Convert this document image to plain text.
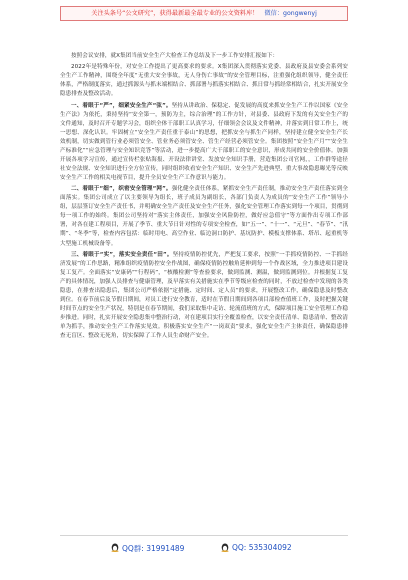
关注头条号“公文研究”，获得最新最全最专业的公文资料库！ 微信：gongwenyj

按照会议安排，就X集团当前安全生产大检查工作总结及下一步工作安排汇报如下：

2022年是特殊年份，对安全工作提出了更高要求的要求。X集团深入贯彻落实党委、县政府及县安委会系列安全生产工作精神，围绕全年度“无重大安全事故，无人身伤亡事故”的安全管理目标，注重强化组织领导，健全责任体系，严格制度落实，通过抓源头与抓末端相结合、抓部署与抓落实相结合、抓日常与抓经常相结合，扎实开展安全隐患排查及整改活动。

一、着眼于“严”，细紧安全生产“弦”。坚持从讲政治、保稳定、促发展的高度来抓安全生产工作以国家《安全生产法》为依托，秉持坚持“安全第一，预防为主，综合治理”的工作方针，对县委、县政府下发的有关安全生产的文件通知，及时召开专题学习会，组织全体干部职工认真学习，仔细领会会议及文件精神，并落实到日常工作上，统一思想、深化认识。牢固树立“安全生产责任重于泰山”的思想，把抓安全与抓生产同样，坚持建立健全安全生产长效机制，切实做到管行业必须管安全、管业务必须管安全、管生产经营必须管安全。集团按照“安全生产月”“安全生产标准化”“应急管理与安全知识竞答”等活动，进一步提高广大干部职工的安全意识，形成共同的安全价值体。加强开展各项学习宣传，通过宣传栏张贴海报、开设法律讲堂、发放安全知识手册，营造集团公司官网，，工作群等途径社安全法规、安全知识进行全方位宣传，同时组织收看安全生产知识、安全生产先进典型、重大事故隐患曝光等反映安全生产工作的相关电视节目，提升全员安全生产工作意识与能力。

二、着眼于“细”，织密安全管理“网”。强化健全责任体系，紧抓安全生产责任制，推动安全生产责任落实到全面落实。集团公司成立了以主要领导为组长，班子成员为副组长，各部门负责人为成员的“安全生产工作”领导小组，层层签订安全生产责任书，并明确安全生产责任及安全生产任务，强化安全管理工作落实到每一个项目，贯彻到每一项工作的始终。集团公司坚持对“落实主体责任，加强安全风险防控，做好应急值守”等方面作出专项工作部署，对各在建工程项目，开展了季节、重大节日针对性的专项安全检查，如“五一”、“十一”、“元旦”、“春节”、“汛期”、“冬季”等，检查内容包括：临时用电、高空作业、临边洞口防护、基坑防护、模板支撑体系、塔吊、起重机等大型施工机械设备等。

三、着眼于“实”，落实安全责任“田”。坚持疫情防控优先，严把复工要求，按照“一手抓疫情防控、一手抓经济发展”的工作思路，精准组织疫情防控安全作战图，确保疫情防控触角延伸到每一个作战区域，全力推进项目建设复工复产。全面落实“安康码”“行程码”，“核酸检测”等查验要求，做到监测、测温，做到监测到位。并根据复工复产的具体情况，加强人员排查与健康管理，及早落实有关措施实在季节等级应检查的同时，不放过检查中发现的各类隐患，在排查出隐患后，集团公司严格依据“定措施、定时间、定人员”的要求，开展整改工作，确保隐患及时整改到位。在春节前后及节假日期间，对员工进行安全教育，适时在节假日期间到各项目部检查值班工作，及时把握关键时间节点的安全生产状况，特别是在春节期间，我们采取集中走访、轮流值班的方式，保障项目施工安全管理工作稳步推进。同时，扎实开展安全隐患集中整治行动，对在建项目实行全覆盖检查，以安全责任清单、隐患清单、整改清单为抓手，推动安全生产工作落实见效。积极落实安全生产“一岗双责”要求，强化安全生产主体责任，确保隐患排查无盲区、整改无死角，切实保障了工作人员生命财产安全。

QQ群: 31991489	QQ: 535304092
